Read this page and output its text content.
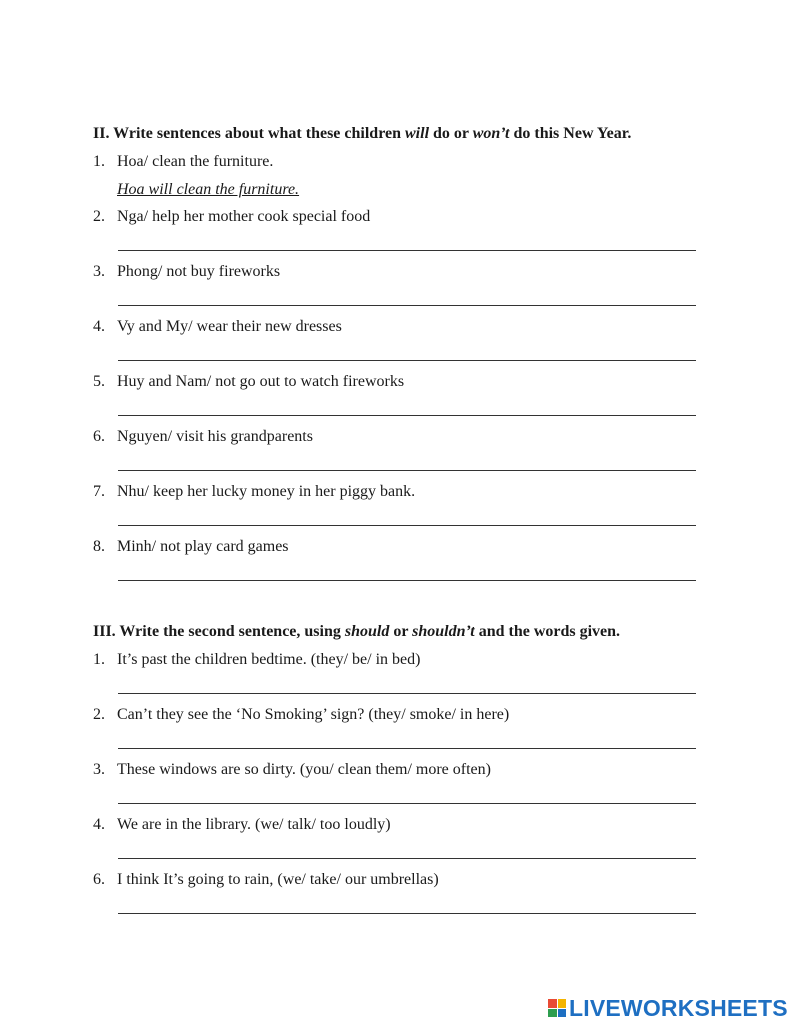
II. Write sentences about what these children will do or won’t do this New Year.
1. Hoa/ clean the furniture.
Hoa will clean the furniture.
2. Nga/ help her mother cook special food
3. Phong/ not buy fireworks
4. Vy and My/ wear their new dresses
5. Huy and Nam/ not go out to watch fireworks
6. Nguyen/ visit his grandparents
7. Nhu/ keep her lucky money in her piggy bank.
8. Minh/ not play card games
III. Write the second sentence, using should or shouldn’t and the words given.
1. It’s past the children bedtime. (they/ be/ in bed)
2. Can’t they see the ‘No Smoking’ sign? (they/ smoke/ in here)
3. These windows are so dirty. (you/ clean them/ more often)
4. We are in the library. (we/ talk/ too loudly)
6. I think It’s going to rain, (we/ take/ our umbrellas)
LIVEWORKSHEETS
